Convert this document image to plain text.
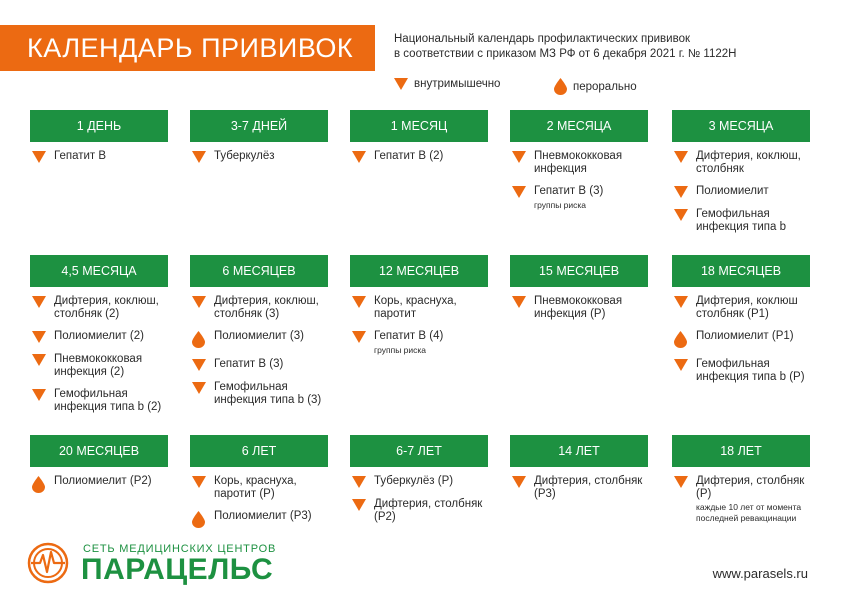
КАЛЕНДАРЬ ПРИВИВОК	Национальный календарь профилактических прививок
в соответствии с приказом МЗ РФ от 6 декабря 2021 г. № 1122Н
внутримышечно	перорально
1 ДЕНЬ
Гепатит В
3-7 ДНЕЙ
Туберкулёз
1 МЕСЯЦ
Гепатит В (2)
2 МЕСЯЦА
Пневмококковая инфекция
Гепатит В (3)
группы риска
3 МЕСЯЦА
Дифтерия, коклюш, столбняк
Полиомиелит
Гемофильная инфекция типа b
4,5 МЕСЯЦА
Дифтерия, коклюш, столбняк (2)
Полиомиелит (2)
Пневмококковая инфекция (2)
Гемофильная инфекция типа b (2)
6 МЕСЯЦЕВ
Дифтерия, коклюш, столбняк (3)
Полиомиелит (3)
Гепатит В (3)
Гемофильная инфекция типа b (3)
12 МЕСЯЦЕВ
Корь, краснуха, паротит
Гепатит В (4)
группы риска
15 МЕСЯЦЕВ
Пневмококковая инфекция (Р)
18 МЕСЯЦЕВ
Дифтерия, коклюш столбняк (Р1)
Полиомиелит (Р1)
Гемофильная инфекция типа b (Р)
20 МЕСЯЦЕВ
Полиомиелит (Р2)
6 ЛЕТ
Корь, краснуха, паротит (Р)
Полиомиелит (Р3)
6-7 ЛЕТ
Туберкулёз (Р)
Дифтерия, столбняк (Р2)
14 ЛЕТ
Дифтерия, столбняк (Р3)
18 ЛЕТ
Дифтерия, столбняк (Р)
каждые 10 лет от момента последней ревакцинации
СЕТЬ МЕДИЦИНСКИХ ЦЕНТРОВ
ПАРАЦЕЛЬС	www.parasels.ru
